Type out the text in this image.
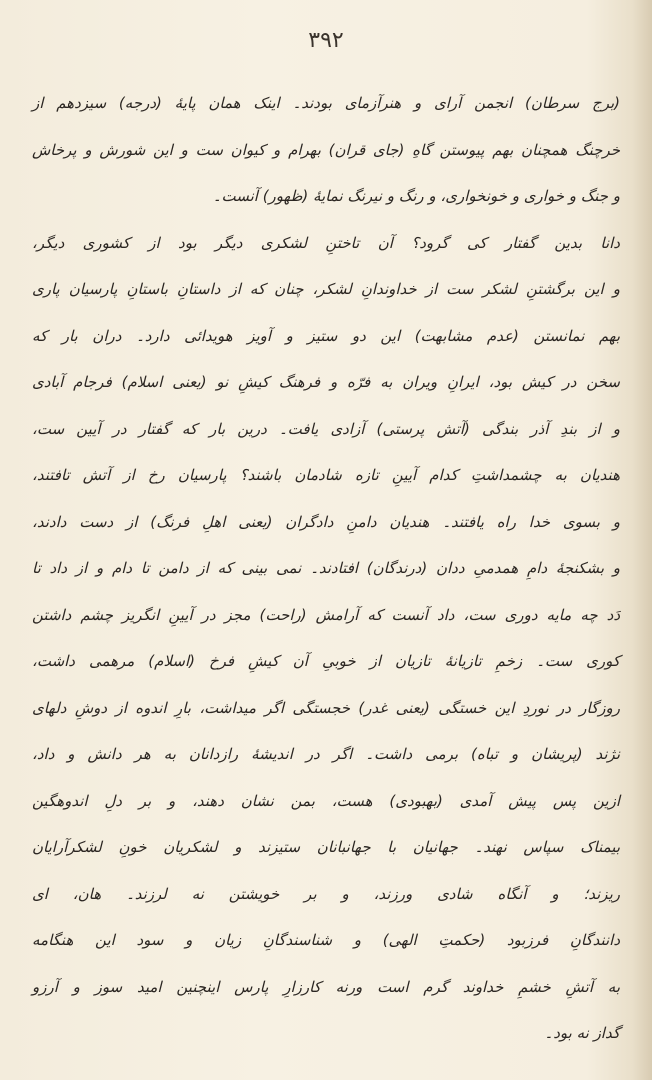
۳۹۲
(برج سرطان) انجمن آرای و هنرآزمای بودند۔ اینک همان پایهٔ (درجه) سیزدهم از
خرچنگ همچنان بهم پیوستن گاهِ (جای قران) بهرام و کیوان ست و این شورش و پرخاش
و جنگ و خواری و خونخواری، و رنگ و نیرنگ نمایهٔ (ظهور) آنست۔
دانا بدین گفتار کی گرود؟ آن تاختنِ لشکری دیگر بود از کشوری دیگر،
و این برگشتنِ لشکر ست از خداوندانِ لشکر، چنان که از داستانِ باستانِ پارسیان پاری
بهم نمانستن (عدم مشابهت) این دو ستیز و آویز هویدائی دارد۔ دران بار که
سخن در کیش بود، ایرانِ ویران به فرّه و فرهنگ کیشِ نو (یعنی اسلام) فرجام آبادی
و از بندِ آذر بندگی (آتش پرستی) آزادی یافت۔ درین بار که گفتار در آیین ست،
هندیان به چشمداشتِ کدام آیینِ تازه شادمان باشند؟ پارسیان رخ از آتش تافتند،
و بسوی خدا راه یافتند۔ هندیان دامنِ دادگران (یعنی اهلِ فرنگ) از دست دادند،
و بشکنجهٔ دامِ همدمیِ ددان (درندگان) افتادند۔ نمی بینی که از دامن تا دام و از داد تا
دَد چه مایه دوری ست، داد آنست که آرامش (راحت) مجز در آیینِ انگریز چشم داشتن
کوری ست۔ زخمِ تازیانهٔ تازیان از خوبیِ آن کیشِ فرخ (اسلام) مرهمی داشت،
روزگار در نوردِ این خستگی (یعنی غدر) خجستگی اگر میداشت، بارِ اندوه از دوشِ دلهای
نژند (پریشان و تباه) برمی داشت۔ اگر در اندیشهٔ رازدانان به هر دانش و داد،
ازین پس پیش آمدی (بهبودی) هست، بمن نشان دهند، و بر دلِ اندوهگین
بیمناک سپاس نهند۔ جهانیان با جهانبانان ستیزند و لشکریان خونِ لشکرآرایان
ریزند؛ و آنگاه شادی ورزند، و بر خویشتن نه لرزند۔ هان، ای
دانندگانِ فرزبود (حکمتِ الهی) و شناسندگانِ زیان و سود این هنگامه
به آتشِ خشمِ خداوند گرم است ورنه کارزارِ پارس اینچنین امید سوز و آرزو
گداز نه بود۔
